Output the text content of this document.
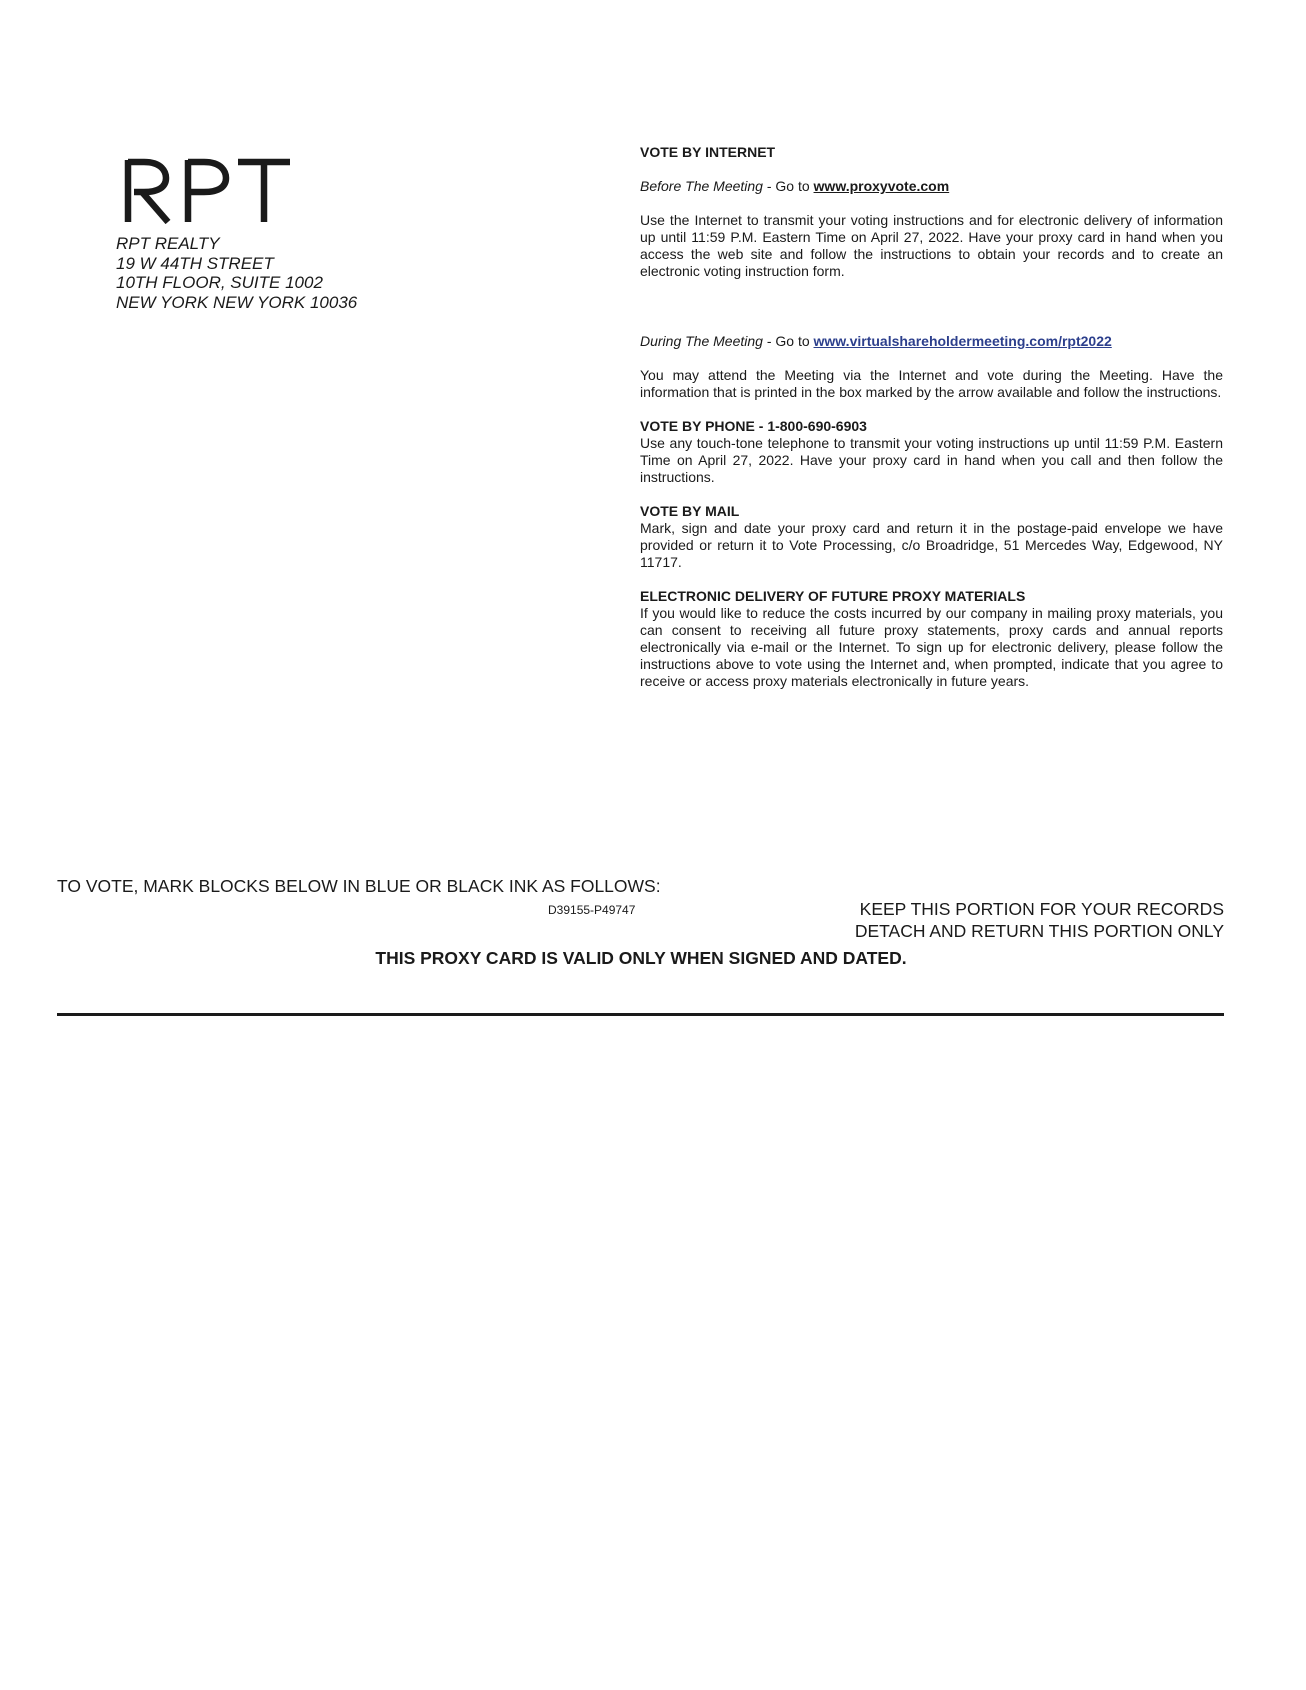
RPT REALTY
19 W 44TH STREET
10TH FLOOR, SUITE 1002
NEW YORK NEW YORK 10036

VOTE BY INTERNET

Before The Meeting - Go to www.proxyvote.com

Use the Internet to transmit your voting instructions and for electronic delivery of information up until 11:59 P.M. Eastern Time on April 27, 2022. Have your proxy card in hand when you access the web site and follow the instructions to obtain your records and to create an electronic voting instruction form.

During The Meeting - Go to www.virtualshareholdermeeting.com/rpt2022

You may attend the Meeting via the Internet and vote during the Meeting. Have the information that is printed in the box marked by the arrow available and follow the instructions.

VOTE BY PHONE - 1-800-690-6903

Use any touch-tone telephone to transmit your voting instructions up until 11:59 P.M. Eastern Time on April 27, 2022. Have your proxy card in hand when you call and then follow the instructions.

VOTE BY MAIL

Mark, sign and date your proxy card and return it in the postage-paid envelope we have provided or return it to Vote Processing, c/o Broadridge, 51 Mercedes Way, Edgewood, NY 11717.

ELECTRONIC DELIVERY OF FUTURE PROXY MATERIALS

If you would like to reduce the costs incurred by our company in mailing proxy materials, you can consent to receiving all future proxy statements, proxy cards and annual reports electronically via e-mail or the Internet. To sign up for electronic delivery, please follow the instructions above to vote using the Internet and, when prompted, indicate that you agree to receive or access proxy materials electronically in future years.

TO VOTE, MARK BLOCKS BELOW IN BLUE OR BLACK INK AS FOLLOWS:
D39155-P49747	KEEP THIS PORTION FOR YOUR RECORDS
DETACH AND RETURN THIS PORTION ONLY
THIS PROXY CARD IS VALID ONLY WHEN SIGNED AND DATED.
